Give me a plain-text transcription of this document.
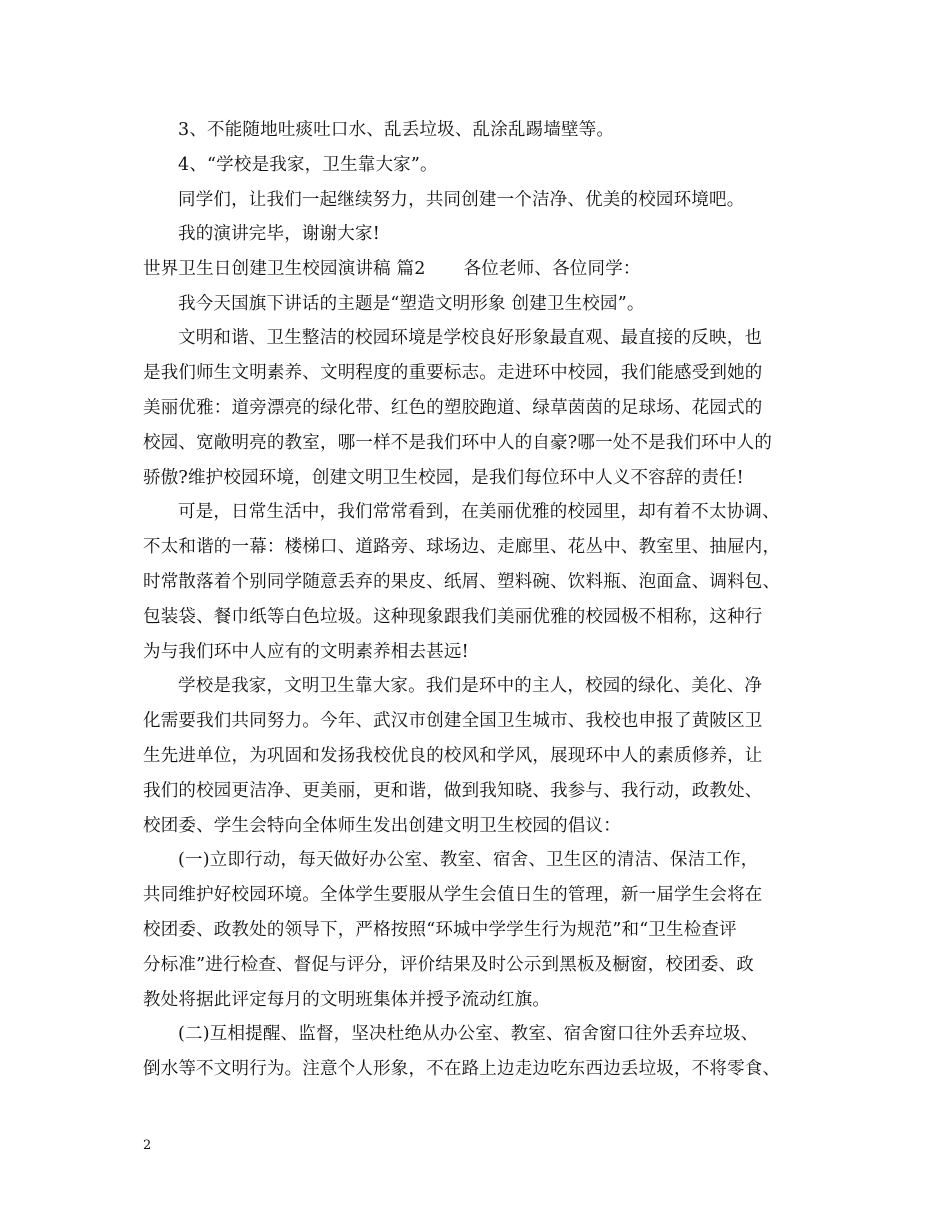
3、不能随地吐痰吐口水、乱丢垃圾、乱涂乱踢墙壁等。
4、“学校是我家，卫生靠大家”。
同学们，让我们一起继续努力，共同创建一个洁净、优美的校园环境吧。
我的演讲完毕，谢谢大家!
世界卫生日创建卫生校园演讲稿 篇2 各位老师、各位同学：
我今天国旗下讲话的主题是“塑造文明形象 创建卫生校园”。
文明和谐、卫生整洁的校园环境是学校良好形象最直观、最直接的反映，也
是我们师生文明素养、文明程度的重要标志。走进环中校园，我们能感受到她的
美丽优雅：道旁漂亮的绿化带、红色的塑胶跑道、绿草茵茵的足球场、花园式的
校园、宽敞明亮的教室，哪一样不是我们环中人的自豪?哪一处不是我们环中人的
骄傲?维护校园环境，创建文明卫生校园，是我们每位环中人义不容辞的责任!
可是，日常生活中，我们常常看到，在美丽优雅的校园里，却有着不太协调、
不太和谐的一幕：楼梯口、道路旁、球场边、走廊里、花丛中、教室里、抽屉内，
时常散落着个别同学随意丢弃的果皮、纸屑、塑料碗、饮料瓶、泡面盒、调料包、
包装袋、餐巾纸等白色垃圾。这种现象跟我们美丽优雅的校园极不相称，这种行
为与我们环中人应有的文明素养相去甚远!
学校是我家，文明卫生靠大家。我们是环中的主人，校园的绿化、美化、净
化需要我们共同努力。今年、武汉市创建全国卫生城市、我校也申报了黄陂区卫
生先进单位，为巩固和发扬我校优良的校风和学风，展现环中人的素质修养，让
我们的校园更洁净、更美丽，更和谐，做到我知晓、我参与、我行动，政教处、
校团委、学生会特向全体师生发出创建文明卫生校园的倡议：
(一)立即行动，每天做好办公室、教室、宿舍、卫生区的清洁、保洁工作，
共同维护好校园环境。全体学生要服从学生会值日生的管理，新一届学生会将在
校团委、政教处的领导下，严格按照“环城中学学生行为规范”和“卫生检查评
分标准”进行检查、督促与评分，评价结果及时公示到黑板及橱窗，校团委、政
教处将据此评定每月的文明班集体并授予流动红旗。
(二)互相提醒、监督，坚决杜绝从办公室、教室、宿舍窗口往外丢弃垃圾、
倒水等不文明行为。注意个人形象，不在路上边走边吃东西边丢垃圾，不将零食、
2
